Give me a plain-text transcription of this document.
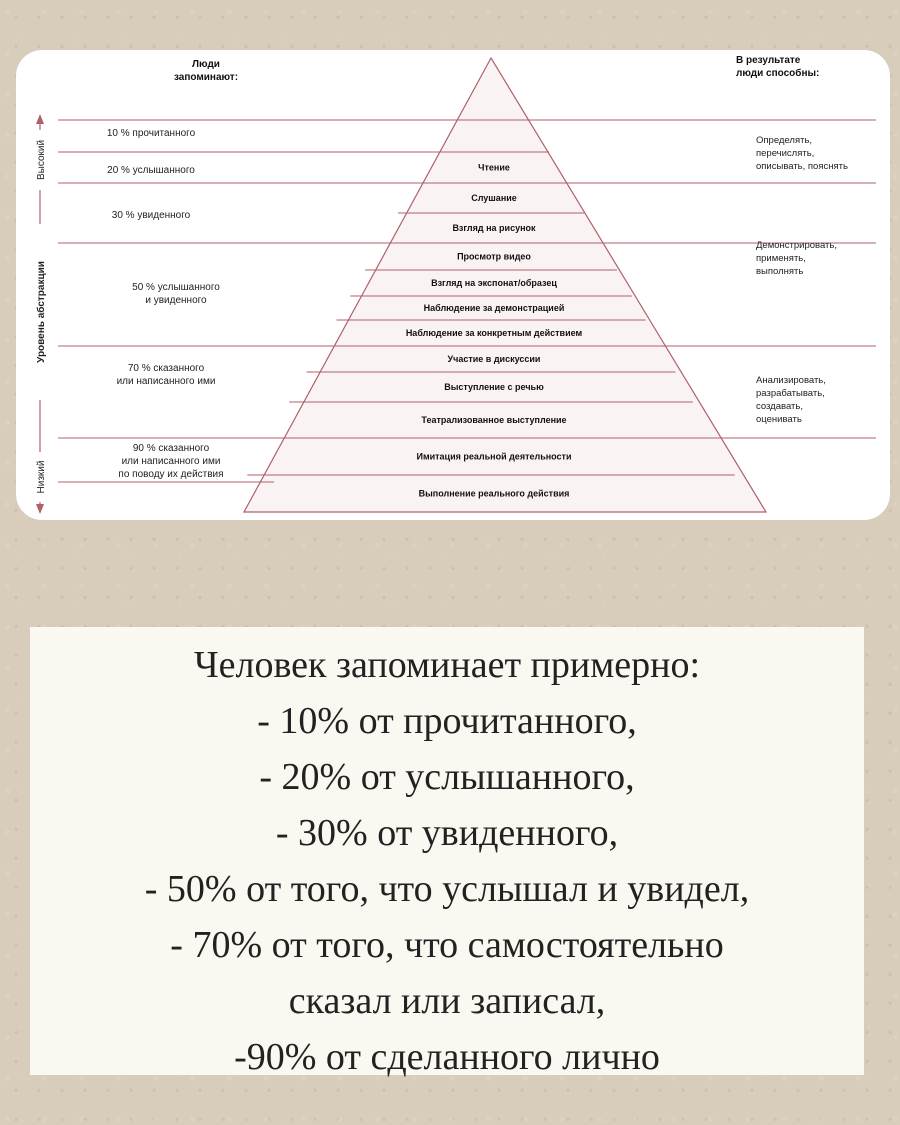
Люди
запоминают:
В результате
люди способны:
Уровень абстракции
Высокий
Низкий
Чтение
Слушание
Взгляд на рисунок
Просмотр видео
Взгляд на экспонат/образец
Наблюдение за демонстрацией
Наблюдение за конкретным действием
Участие в дискуссии
Выступление с речью
Театрализованное выступление
Имитация реальной деятельности
Выполнение реального действия
10 % прочитанного
20 % услышанного
30 % увиденного
50 % услышанного
и увиденного
70 % сказанного
или написанного ими
90 % сказанного
или написанного ими
по поводу их действия
Определять,
перечислять,
описывать, пояснять
Демонстрировать,
применять,
выполнять
Анализировать,
разрабатывать,
создавать,
оценивать
Человек запоминает примерно:
- 10% от прочитанного,
- 20% от услышанного,
- 30% от увиденного,
- 50% от того, что услышал и увидел,
- 70% от того, что самостоятельно
сказал или записал,
-90% от сделанного лично
